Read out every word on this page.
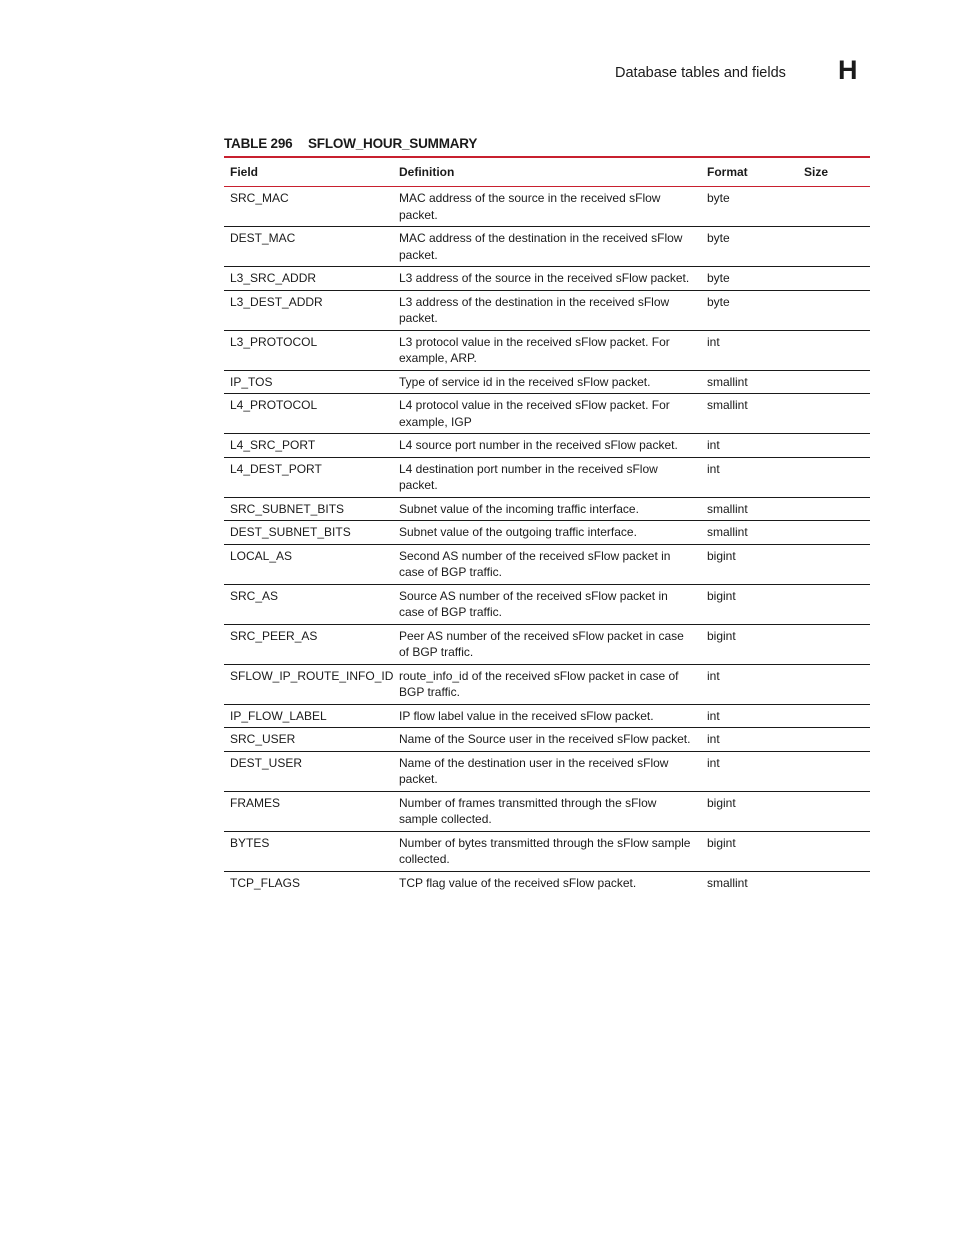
Database tables and fields H
TABLE 296 SFLOW_HOUR_SUMMARY
Field	Definition	Format	Size
SRC_MAC	MAC address of the source in the received sFlow packet.	byte	
DEST_MAC	MAC address of the destination in the received sFlow packet.	byte	
L3_SRC_ADDR	L3 address of the source in the received sFlow packet.	byte	
L3_DEST_ADDR	L3 address of the destination in the received sFlow packet.	byte	
L3_PROTOCOL	L3 protocol value in the received sFlow packet. For example, ARP.	int	
IP_TOS	Type of service id in the received sFlow packet.	smallint	
L4_PROTOCOL	L4 protocol value in the received sFlow packet. For example, IGP	smallint	
L4_SRC_PORT	L4 source port number in the received sFlow packet.	int	
L4_DEST_PORT	L4 destination port number in the received sFlow packet.	int	
SRC_SUBNET_BITS	Subnet value of the incoming traffic interface.	smallint	
DEST_SUBNET_BITS	Subnet value of the outgoing traffic interface.	smallint	
LOCAL_AS	Second AS number of the received sFlow packet in case of BGP traffic.	bigint	
SRC_AS	Source AS number of the received sFlow packet in case of BGP traffic.	bigint	
SRC_PEER_AS	Peer AS number of the received sFlow packet in case of BGP traffic.	bigint	
SFLOW_IP_ROUTE_INFO_ID	route_info_id of the received sFlow packet in case of BGP traffic.	int	
IP_FLOW_LABEL	IP flow label value in the received sFlow packet.	int	
SRC_USER	Name of the Source user in the received sFlow packet.	int	
DEST_USER	Name of the destination user in the received sFlow packet.	int	
FRAMES	Number of frames transmitted through the sFlow sample collected.	bigint	
BYTES	Number of bytes transmitted through the sFlow sample collected.	bigint	
TCP_FLAGS	TCP flag value of the received sFlow packet.	smallint	
